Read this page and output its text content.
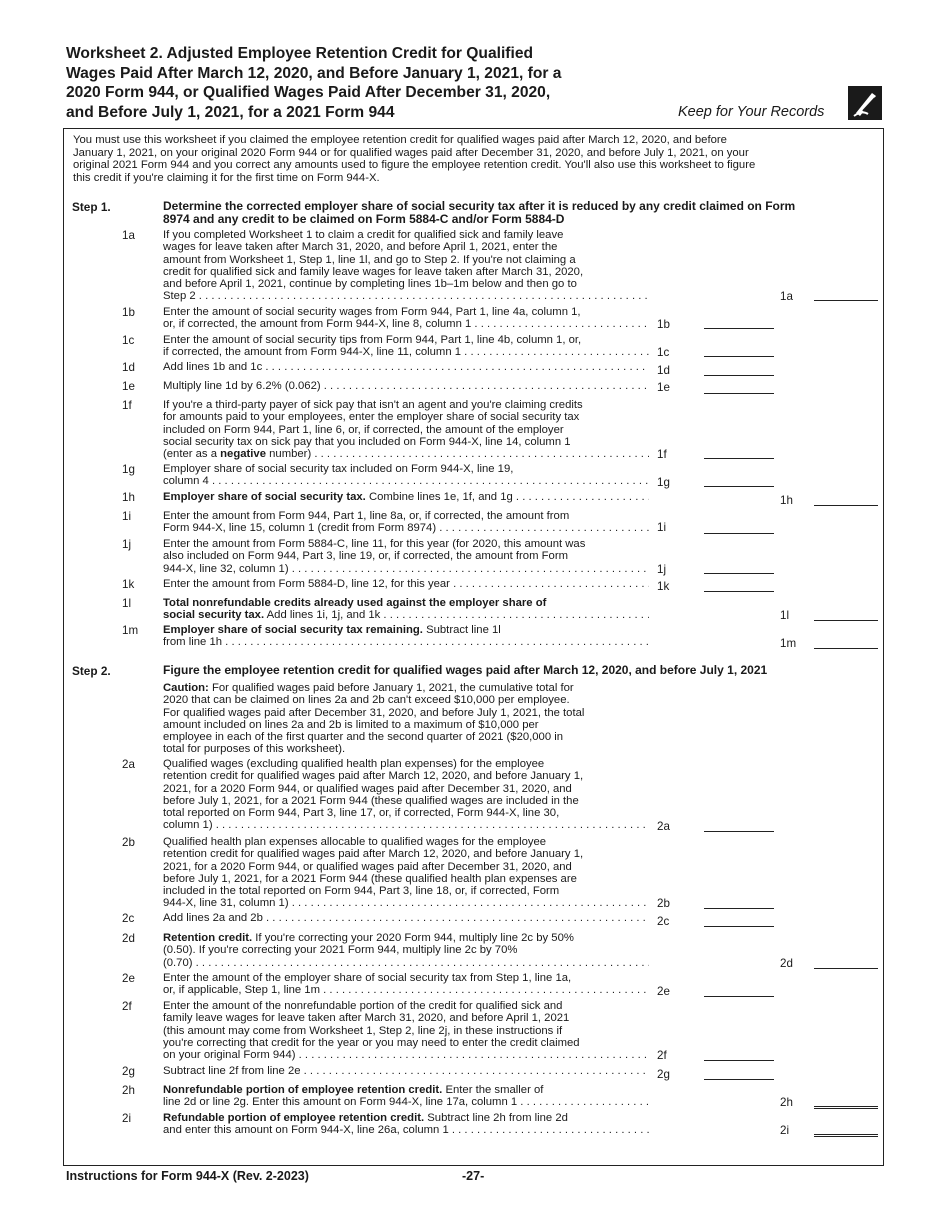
Worksheet 2. Adjusted Employee Retention Credit for Qualified
Wages Paid After March 12, 2020, and Before January 1, 2021, for a
2020 Form 944, or Qualified Wages Paid After December 31, 2020,
and Before July 1, 2021, for a 2021 Form 944	Keep for Your Records
You must use this worksheet if you claimed the employee retention credit for qualified wages paid after March 12, 2020, and before
January 1, 2021, on your original 2020 Form 944 or for qualified wages paid after December 31, 2020, and before July 1, 2021, on your
original 2021 Form 944 and you correct any amounts used to figure the employee retention credit. You'll also use this worksheet to figure
this credit if you're claiming it for the first time on Form 944-X.
Step 1.	Determine the corrected employer share of social security tax after it is reduced by any credit claimed on Form
8974 and any credit to be claimed on Form 5884-C and/or Form 5884-D
1a If you completed Worksheet 1 to claim a credit for qualified sick and family leave
wages for leave taken after March 31, 2020, and before April 1, 2021, enter the
amount from Worksheet 1, Step 1, line 1l, and go to Step 2. If you're not claiming a
credit for qualified sick and family leave wages for leave taken after March 31, 2020,
and before April 1, 2021, continue by completing lines 1b–1m below and then go to
Step 2 . . .	1a
1b Enter the amount of social security wages from Form 944, Part 1, line 4a, column 1,
or, if corrected, the amount from Form 944-X, line 8, column 1 . . .	1b
1c	Enter the amount of social security tips from Form 944, Part 1, line 4b, column 1, or,
if corrected, the amount from Form 944-X, line 11, column 1 . . .	1c
1d Add lines 1b and 1c . . .	1d
1e Multiply line 1d by 6.2% (0.062) . . .	1e
1f	If you're a third-party payer of sick pay that isn't an agent and you're claiming credits
for amounts paid to your employees, enter the employer share of social security tax
included on Form 944, Part 1, line 6, or, if corrected, the amount of the employer
social security tax on sick pay that you included on Form 944-X, line 14, column 1
(enter as a negative number) . . .	1f
1g Employer share of social security tax included on Form 944-X, line 19,
column 4 . . .	1g
1h Employer share of social security tax. Combine lines 1e, 1f, and 1g . . .	1h
1i	Enter the amount from Form 944, Part 1, line 8a, or, if corrected, the amount from
Form 944-X, line 15, column 1 (credit from Form 8974) . . .	1i
1j	Enter the amount from Form 5884-C, line 11, for this year (for 2020, this amount was
also included on Form 944, Part 3, line 19, or, if corrected, the amount from Form
944-X, line 32, column 1) . . .	1j
1k	Enter the amount from Form 5884-D, line 12, for this year . . .	1k
1l	Total nonrefundable credits already used against the employer share of
social security tax. Add lines 1i, 1j, and 1k . . .	1l
1m Employer share of social security tax remaining. Subtract line 1l
from line 1h . . .	1m
Step 2.	Figure the employee retention credit for qualified wages paid after March 12, 2020, and before July 1, 2021
Caution: For qualified wages paid before January 1, 2021, the cumulative total for
2020 that can be claimed on lines 2a and 2b can't exceed $10,000 per employee.
For qualified wages paid after December 31, 2020, and before July 1, 2021, the total
amount included on lines 2a and 2b is limited to a maximum of $10,000 per
employee in each of the first quarter and the second quarter of 2021 ($20,000 in
total for purposes of this worksheet).
2a Qualified wages (excluding qualified health plan expenses) for the employee
retention credit for qualified wages paid after March 12, 2020, and before January 1,
2021, for a 2020 Form 944, or qualified wages paid after December 31, 2020, and
before July 1, 2021, for a 2021 Form 944 (these qualified wages are included in the
total reported on Form 944, Part 3, line 17, or, if corrected, Form 944-X, line 30,
column 1) . . .	2a
2b Qualified health plan expenses allocable to qualified wages for the employee
retention credit for qualified wages paid after March 12, 2020, and before January 1,
2021, for a 2020 Form 944, or qualified wages paid after December 31, 2020, and
before July 1, 2021, for a 2021 Form 944 (these qualified health plan expenses are
included in the total reported on Form 944, Part 3, line 18, or, if corrected, Form
944-X, line 31, column 1) . . .	2b
2c	Add lines 2a and 2b . . .	2c
2d Retention credit. If you're correcting your 2020 Form 944, multiply line 2c by 50%
(0.50). If you're correcting your 2021 Form 944, multiply line 2c by 70%
(0.70) . . .	2d
2e Enter the amount of the employer share of social security tax from Step 1, line 1a,
or, if applicable, Step 1, line 1m . . .	2e
2f	Enter the amount of the nonrefundable portion of the credit for qualified sick and
family leave wages for leave taken after March 31, 2020, and before April 1, 2021
(this amount may come from Worksheet 1, Step 2, line 2j, in these instructions if
you're correcting that credit for the year or you may need to enter the credit claimed
on your original Form 944) . . .	2f
2g Subtract line 2f from line 2e . . .	2g
2h Nonrefundable portion of employee retention credit. Enter the smaller of
line 2d or line 2g. Enter this amount on Form 944-X, line 17a, column 1 . . .	2h
2i	Refundable portion of employee retention credit. Subtract line 2h from line 2d
and enter this amount on Form 944-X, line 26a, column 1 . . .	2i
Instructions for Form 944-X (Rev. 2-2023)	-27-
